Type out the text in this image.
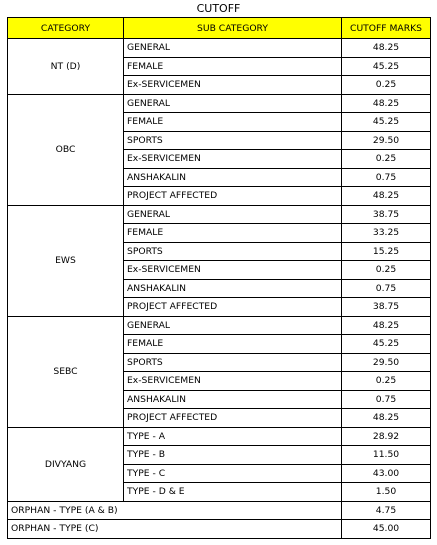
CUTOFF
CATEGORY	SUB CATEGORY	CUTOFF MARKS
NT (D)	GENERAL	48.25
	FEMALE	45.25
	Ex-SERVICEMEN	0.25
OBC	GENERAL	48.25
	FEMALE	45.25
	SPORTS	29.50
	Ex-SERVICEMEN	0.25
	ANSHAKALIN	0.75
	PROJECT AFFECTED	48.25
EWS	GENERAL	38.75
	FEMALE	33.25
	SPORTS	15.25
	Ex-SERVICEMEN	0.25
	ANSHAKALIN	0.75
	PROJECT AFFECTED	38.75
SEBC	GENERAL	48.25
	FEMALE	45.25
	SPORTS	29.50
	Ex-SERVICEMEN	0.25
	ANSHAKALIN	0.75
	PROJECT AFFECTED	48.25
DIVYANG	TYPE - A	28.92
	TYPE - B	11.50
	TYPE - C	43.00
	TYPE - D & E	1.50
ORPHAN - TYPE (A & B)		4.75
ORPHAN - TYPE (C)		45.00
